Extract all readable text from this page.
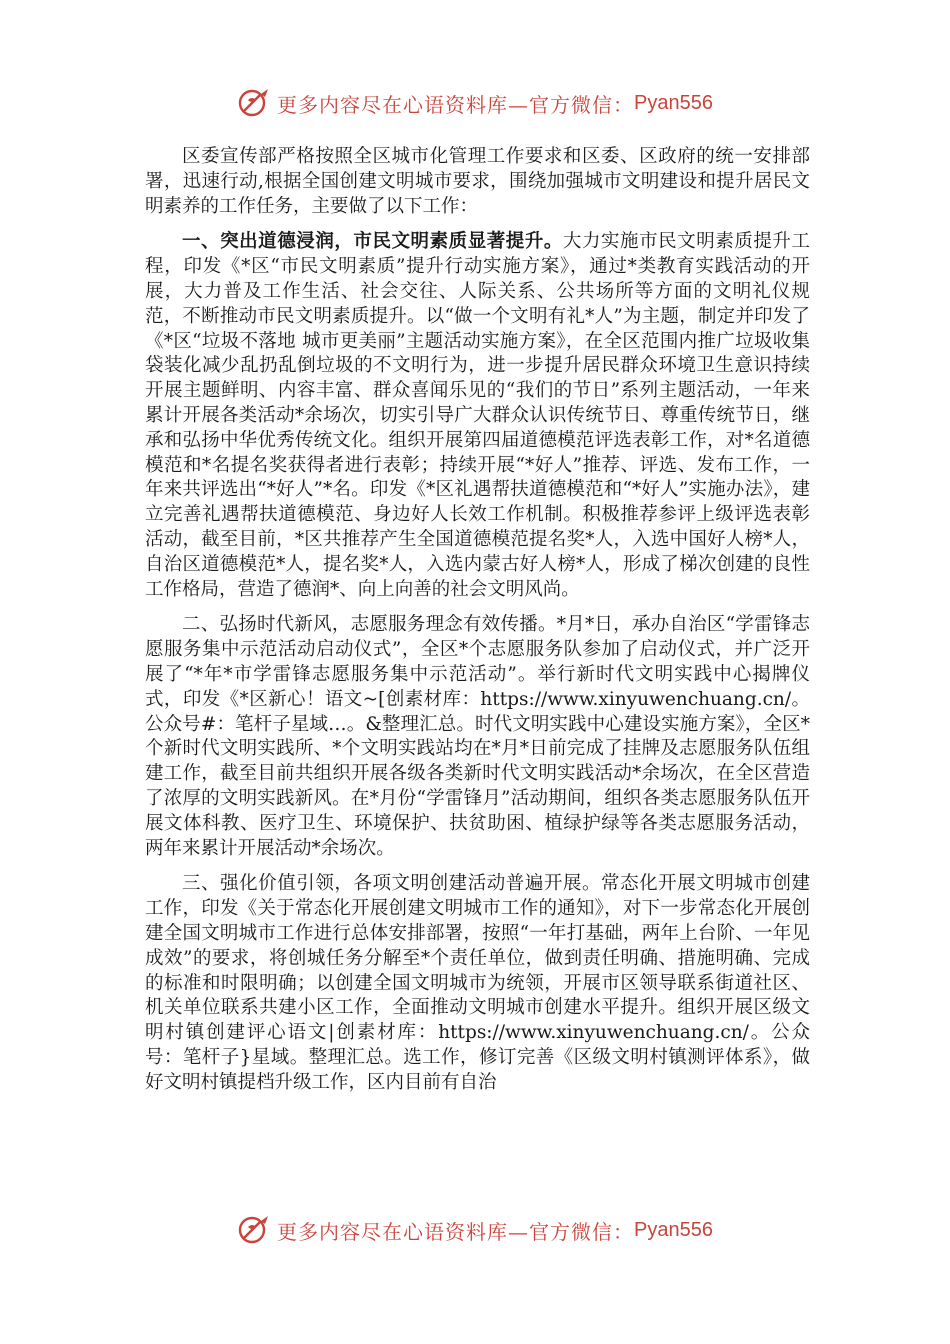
更多内容尽在心语资料库—官方微信： Pyan556

区委宣传部严格按照全区城市化管理工作要求和区委、区政府的统一安排部署，迅速行动,根据全国创建文明城市要求，围绕加强城市文明建设和提升居民文明素养的工作任务，主要做了以下工作：

一、突出道德浸润，市民文明素质显著提升。大力实施市民文明素质提升工程，印发《*区“市民文明素质”提升行动实施方案》，通过*类教育实践活动的开展，大力普及工作生活、社会交往、人际关系、公共场所等方面的文明礼仪规范，不断推动市民文明素质提升。以“做一个文明有礼*人”为主题，制定并印发了《*区“垃圾不落地 城市更美丽”主题活动实施方案》，在全区范围内推广垃圾收集袋装化减少乱扔乱倒垃圾的不文明行为，进一步提升居民群众环境卫生意识持续开展主题鲜明、内容丰富、群众喜闻乐见的“我们的节日”系列主题活动，一年来累计开展各类活动*余场次，切实引导广大群众认识传统节日、尊重传统节日，继承和弘扬中华优秀传统文化。组织开展第四届道德模范评选表彰工作，对*名道德模范和*名提名奖获得者进行表彰；持续开展“*好人”推荐、评选、发布工作，一年来共评选出“*好人”*名。印发《*区礼遇帮扶道德模范和“*好人”实施办法》，建立完善礼遇帮扶道德模范、身边好人长效工作机制。积极推荐参评上级评选表彰活动，截至目前，*区共推荐产生全国道德模范提名奖*人，入选中国好人榜*人，自治区道德模范*人，提名奖*人，入选内蒙古好人榜*人，形成了梯次创建的良性工作格局，营造了德润*、向上向善的社会文明风尚。

二、弘扬时代新风，志愿服务理念有效传播。*月*日，承办自治区“学雷锋志愿服务集中示范活动启动仪式”，全区*个志愿服务队参加了启动仪式，并广泛开展了“*年*市学雷锋志愿服务集中示范活动”。举行新时代文明实践中心揭牌仪式，印发《*区新心！语文~[创素材库：https://www.xinyuwenchuang.cn/。公众号#：笔杆子星域…。&整理汇总。时代文明实践中心建设实施方案》，全区*个新时代文明实践所、*个文明实践站均在*月*日前完成了挂牌及志愿服务队伍组建工作，截至目前共组织开展各级各类新时代文明实践活动*余场次，在全区营造了浓厚的文明实践新风。在*月份“学雷锋月”活动期间，组织各类志愿服务队伍开展文体科教、医疗卫生、环境保护、扶贫助困、植绿护绿等各类志愿服务活动，两年来累计开展活动*余场次。

三、强化价值引领，各项文明创建活动普遍开展。常态化开展文明城市创建工作，印发《关于常态化开展创建文明城市工作的通知》，对下一步常态化开展创建全国文明城市工作进行总体安排部署，按照“一年打基础，两年上台阶、一年见成效”的要求，将创城任务分解至*个责任单位，做到责任明确、措施明确、完成的标准和时限明确；以创建全国文明城市为统领，开展市区领导联系街道社区、机关单位联系共建小区工作，全面推动文明城市创建水平提升。组织开展区级文明村镇创建评心语文|创素材库：https://www.xinyuwenchuang.cn/。公众号：笔杆子}星域。整理汇总。选工作，修订完善《区级文明村镇测评体系》，做好文明村镇提档升级工作，区内目前有自治

更多内容尽在心语资料库—官方微信： Pyan556
